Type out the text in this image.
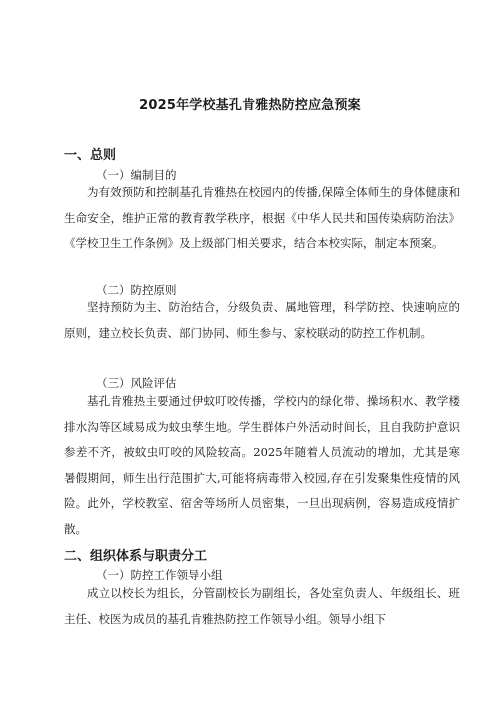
2025年学校基孔肯雅热防控应急预案
一、总则
（一）编制目的

为有效预防和控制基孔肯雅热在校园内的传播,保障全体师生的身体健康和生命安全，维护正常的教育教学秩序，根据《中华人民共和国传染病防治法》《学校卫生工作条例》及上级部门相关要求，结合本校实际，制定本预案。

（二）防控原则

坚持预防为主、防治结合，分级负责、属地管理，科学防控、快速响应的原则，建立校长负责、部门协同、师生参与、家校联动的防控工作机制。

（三）风险评估

基孔肯雅热主要通过伊蚊叮咬传播，学校内的绿化带、操场积水、教学楼排水沟等区域易成为蚊虫孳生地。学生群体户外活动时间长，且自我防护意识参差不齐，被蚊虫叮咬的风险较高。2025年随着人员流动的增加，尤其是寒暑假期间，师生出行范围扩大,可能将病毒带入校园,存在引发聚集性疫情的风险。此外，学校教室、宿舍等场所人员密集，一旦出现病例，容易造成疫情扩散。

二、组织体系与职责分工
（一）防控工作领导小组

成立以校长为组长，分管副校长为副组长，各处室负责人、年级组长、班主任、校医为成员的基孔肯雅热防控工作领导小组。领导小组下
